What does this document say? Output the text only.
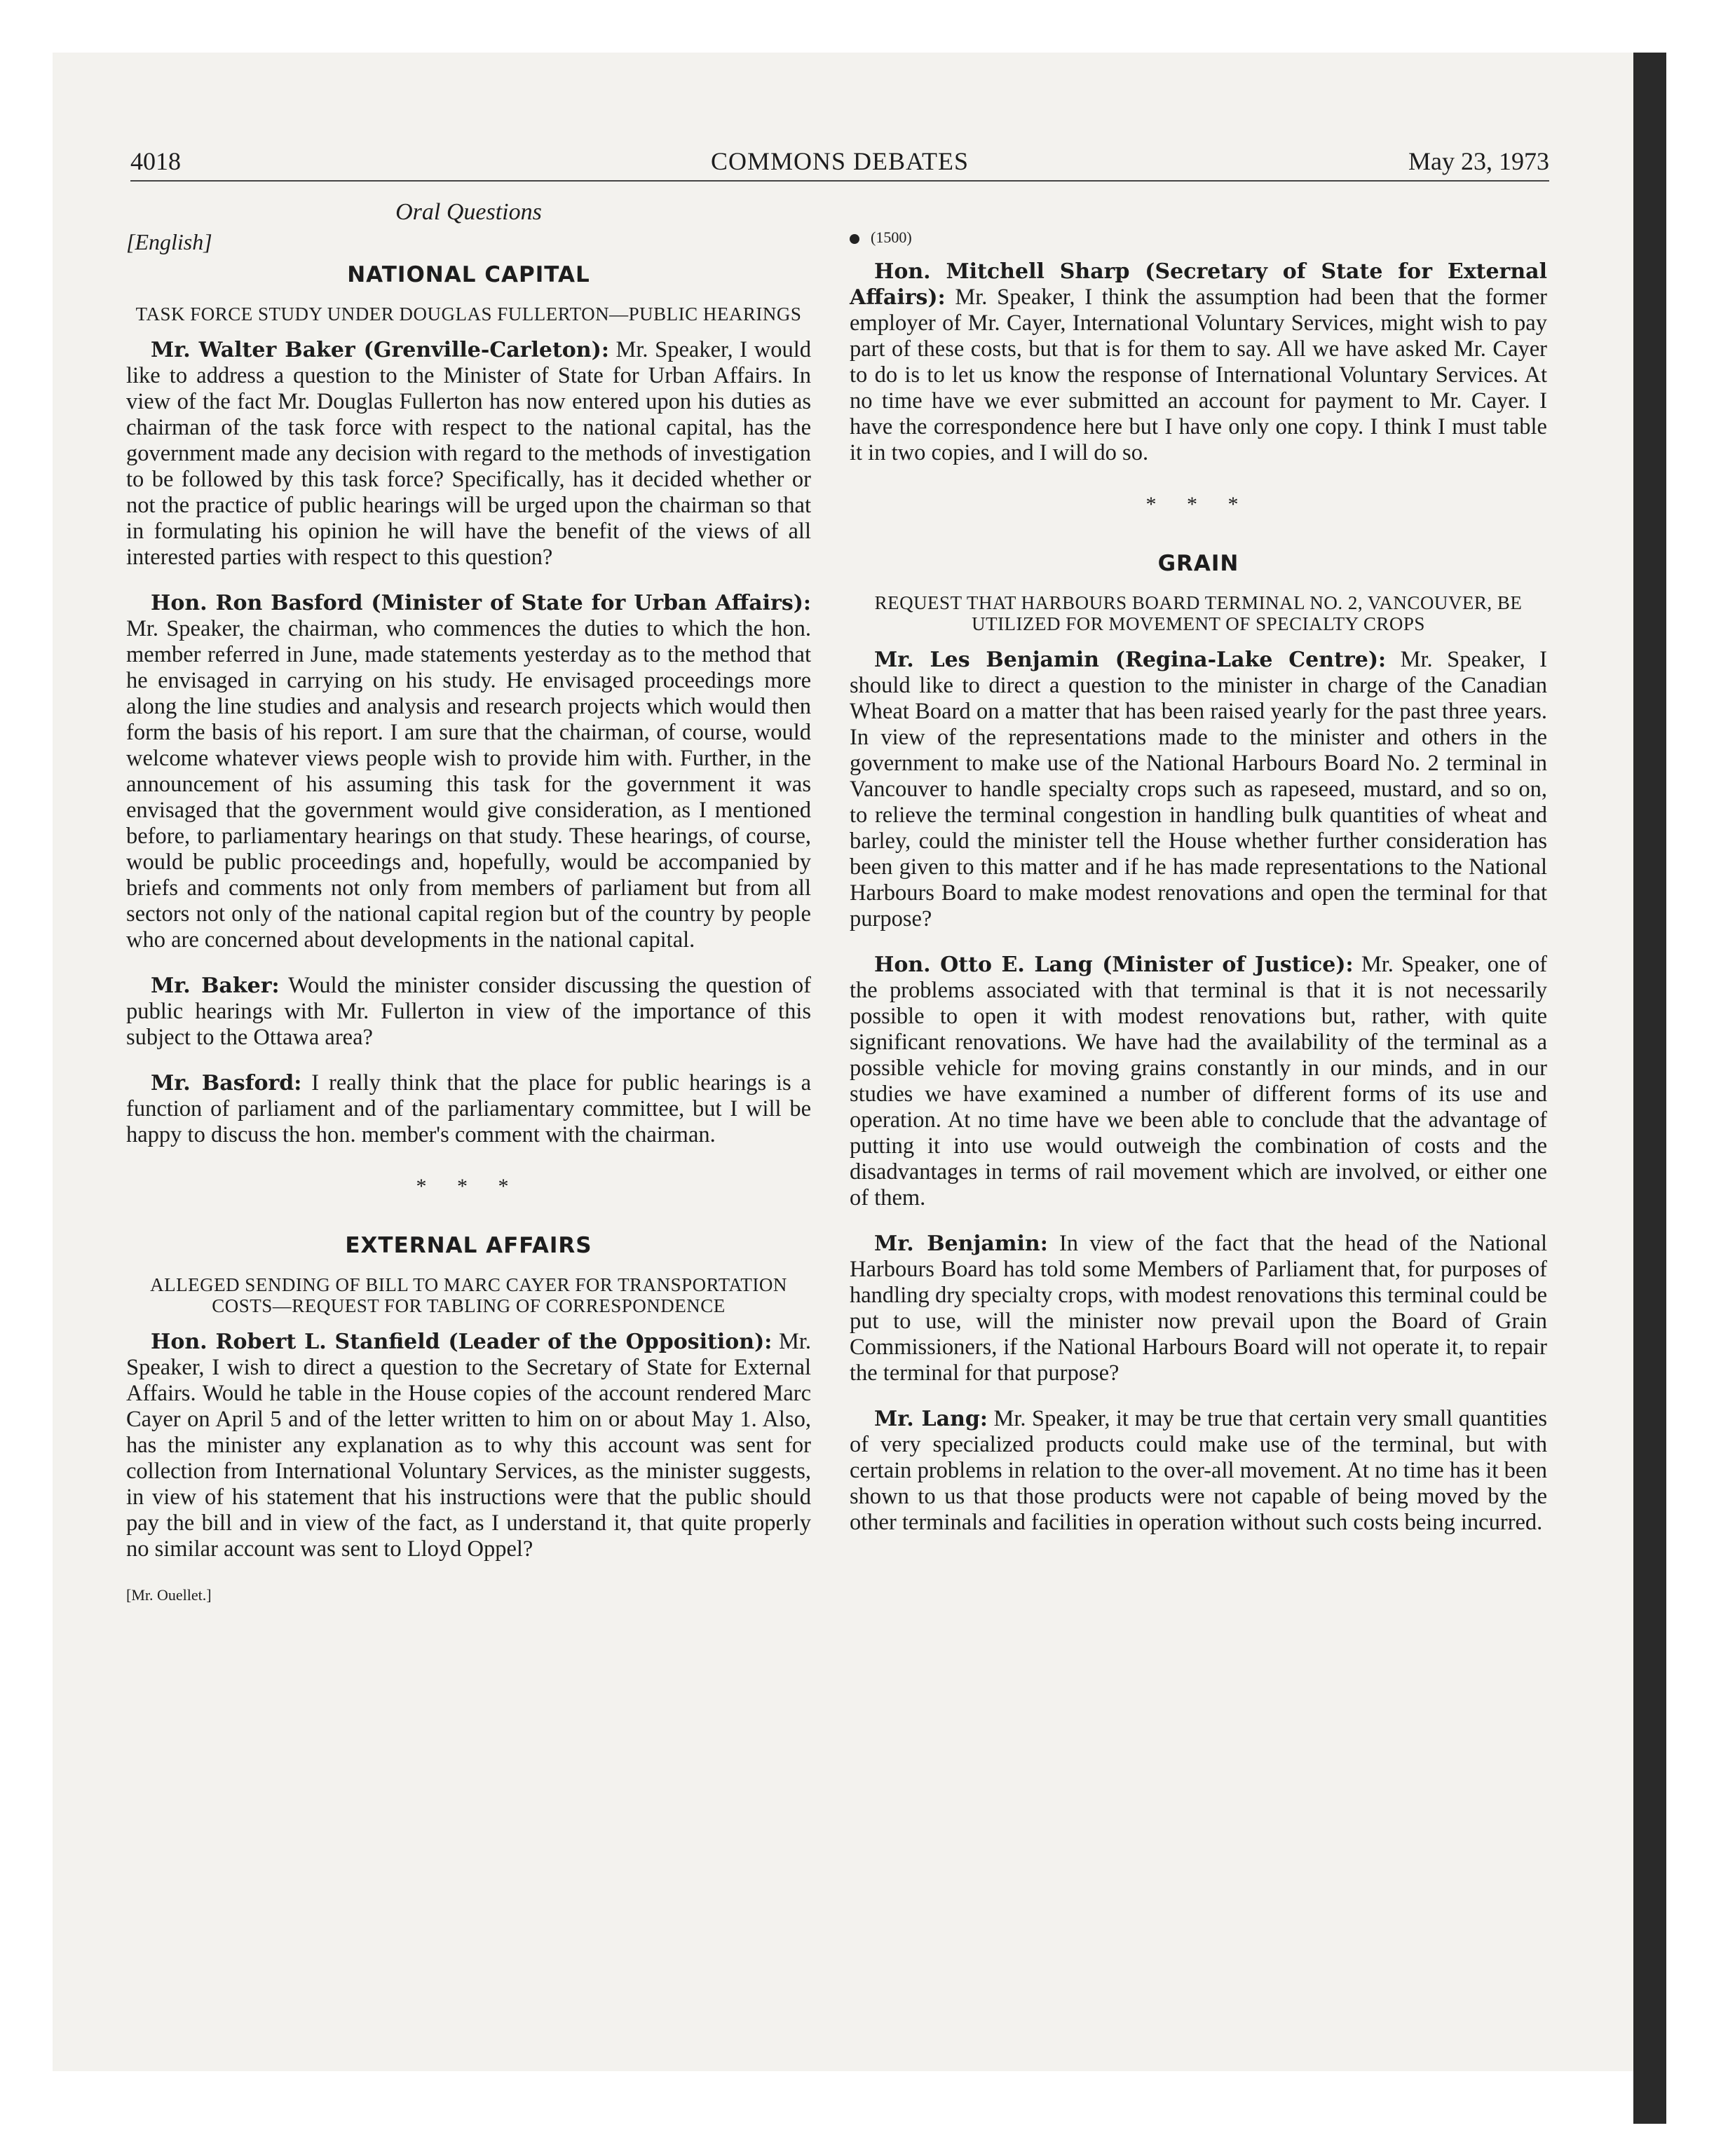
4018	COMMONS DEBATES	May 23, 1973
Oral Questions
[English]
NATIONAL CAPITAL
TASK FORCE STUDY UNDER DOUGLAS FULLERTON—PUBLIC HEARINGS

Mr. Walter Baker (Grenville-Carleton): Mr. Speaker, I would like to address a question to the Minister of State for Urban Affairs. In view of the fact Mr. Douglas Fullerton has now entered upon his duties as chairman of the task force with respect to the national capital, has the government made any decision with regard to the methods of investigation to be followed by this task force? Specifically, has it decided whether or not the practice of public hearings will be urged upon the chairman so that in formulating his opinion he will have the benefit of the views of all interested parties with respect to this question?

Hon. Ron Basford (Minister of State for Urban Affairs): Mr. Speaker, the chairman, who commences the duties to which the hon. member referred in June, made statements yesterday as to the method that he envisaged in carrying on his study. He envisaged proceedings more along the line studies and analysis and research projects which would then form the basis of his report. I am sure that the chairman, of course, would welcome whatever views people wish to provide him with. Further, in the announcement of his assuming this task for the government it was envisaged that the government would give consideration, as I mentioned before, to parliamentary hearings on that study. These hearings, of course, would be public proceedings and, hopefully, would be accompanied by briefs and comments not only from members of parliament but from all sectors not only of the national capital region but of the country by people who are concerned about developments in the national capital.

Mr. Baker: Would the minister consider discussing the question of public hearings with Mr. Fullerton in view of the importance of this subject to the Ottawa area?

Mr. Basford: I really think that the place for public hearings is a function of parliament and of the parliamentary committee, but I will be happy to discuss the hon. member's comment with the chairman.

* * *
EXTERNAL AFFAIRS
ALLEGED SENDING OF BILL TO MARC CAYER FOR TRANSPORTATION COSTS—REQUEST FOR TABLING OF CORRESPONDENCE

Hon. Robert L. Stanfield (Leader of the Opposition): Mr. Speaker, I wish to direct a question to the Secretary of State for External Affairs. Would he table in the House copies of the account rendered Marc Cayer on April 5 and of the letter written to him on or about May 1. Also, has the minister any explanation as to why this account was sent for collection from International Voluntary Services, as the minister suggests, in view of his statement that his instructions were that the public should pay the bill and in view of the fact, as I understand it, that quite properly no similar account was sent to Lloyd Oppel?

[Mr. Ouellet.]
(1500)

Hon. Mitchell Sharp (Secretary of State for External Affairs): Mr. Speaker, I think the assumption had been that the former employer of Mr. Cayer, International Voluntary Services, might wish to pay part of these costs, but that is for them to say. All we have asked Mr. Cayer to do is to let us know the response of International Voluntary Services. At no time have we ever submitted an account for payment to Mr. Cayer. I have the correspondence here but I have only one copy. I think I must table it in two copies, and I will do so.

* * *
GRAIN
REQUEST THAT HARBOURS BOARD TERMINAL NO. 2, VANCOUVER, BE UTILIZED FOR MOVEMENT OF SPECIALTY CROPS

Mr. Les Benjamin (Regina-Lake Centre): Mr. Speaker, I should like to direct a question to the minister in charge of the Canadian Wheat Board on a matter that has been raised yearly for the past three years. In view of the representations made to the minister and others in the government to make use of the National Harbours Board No. 2 terminal in Vancouver to handle specialty crops such as rapeseed, mustard, and so on, to relieve the terminal congestion in handling bulk quantities of wheat and barley, could the minister tell the House whether further consideration has been given to this matter and if he has made representations to the National Harbours Board to make modest renovations and open the terminal for that purpose?

Hon. Otto E. Lang (Minister of Justice): Mr. Speaker, one of the problems associated with that terminal is that it is not necessarily possible to open it with modest renovations but, rather, with quite significant renovations. We have had the availability of the terminal as a possible vehicle for moving grains constantly in our minds, and in our studies we have examined a number of different forms of its use and operation. At no time have we been able to conclude that the advantage of putting it into use would outweigh the combination of costs and the disadvantages in terms of rail movement which are involved, or either one of them.

Mr. Benjamin: In view of the fact that the head of the National Harbours Board has told some Members of Parliament that, for purposes of handling dry specialty crops, with modest renovations this terminal could be put to use, will the minister now prevail upon the Board of Grain Commissioners, if the National Harbours Board will not operate it, to repair the terminal for that purpose?

Mr. Lang: Mr. Speaker, it may be true that certain very small quantities of very specialized products could make use of the terminal, but with certain problems in relation to the over-all movement. At no time has it been shown to us that those products were not capable of being moved by the other terminals and facilities in operation without such costs being incurred.
